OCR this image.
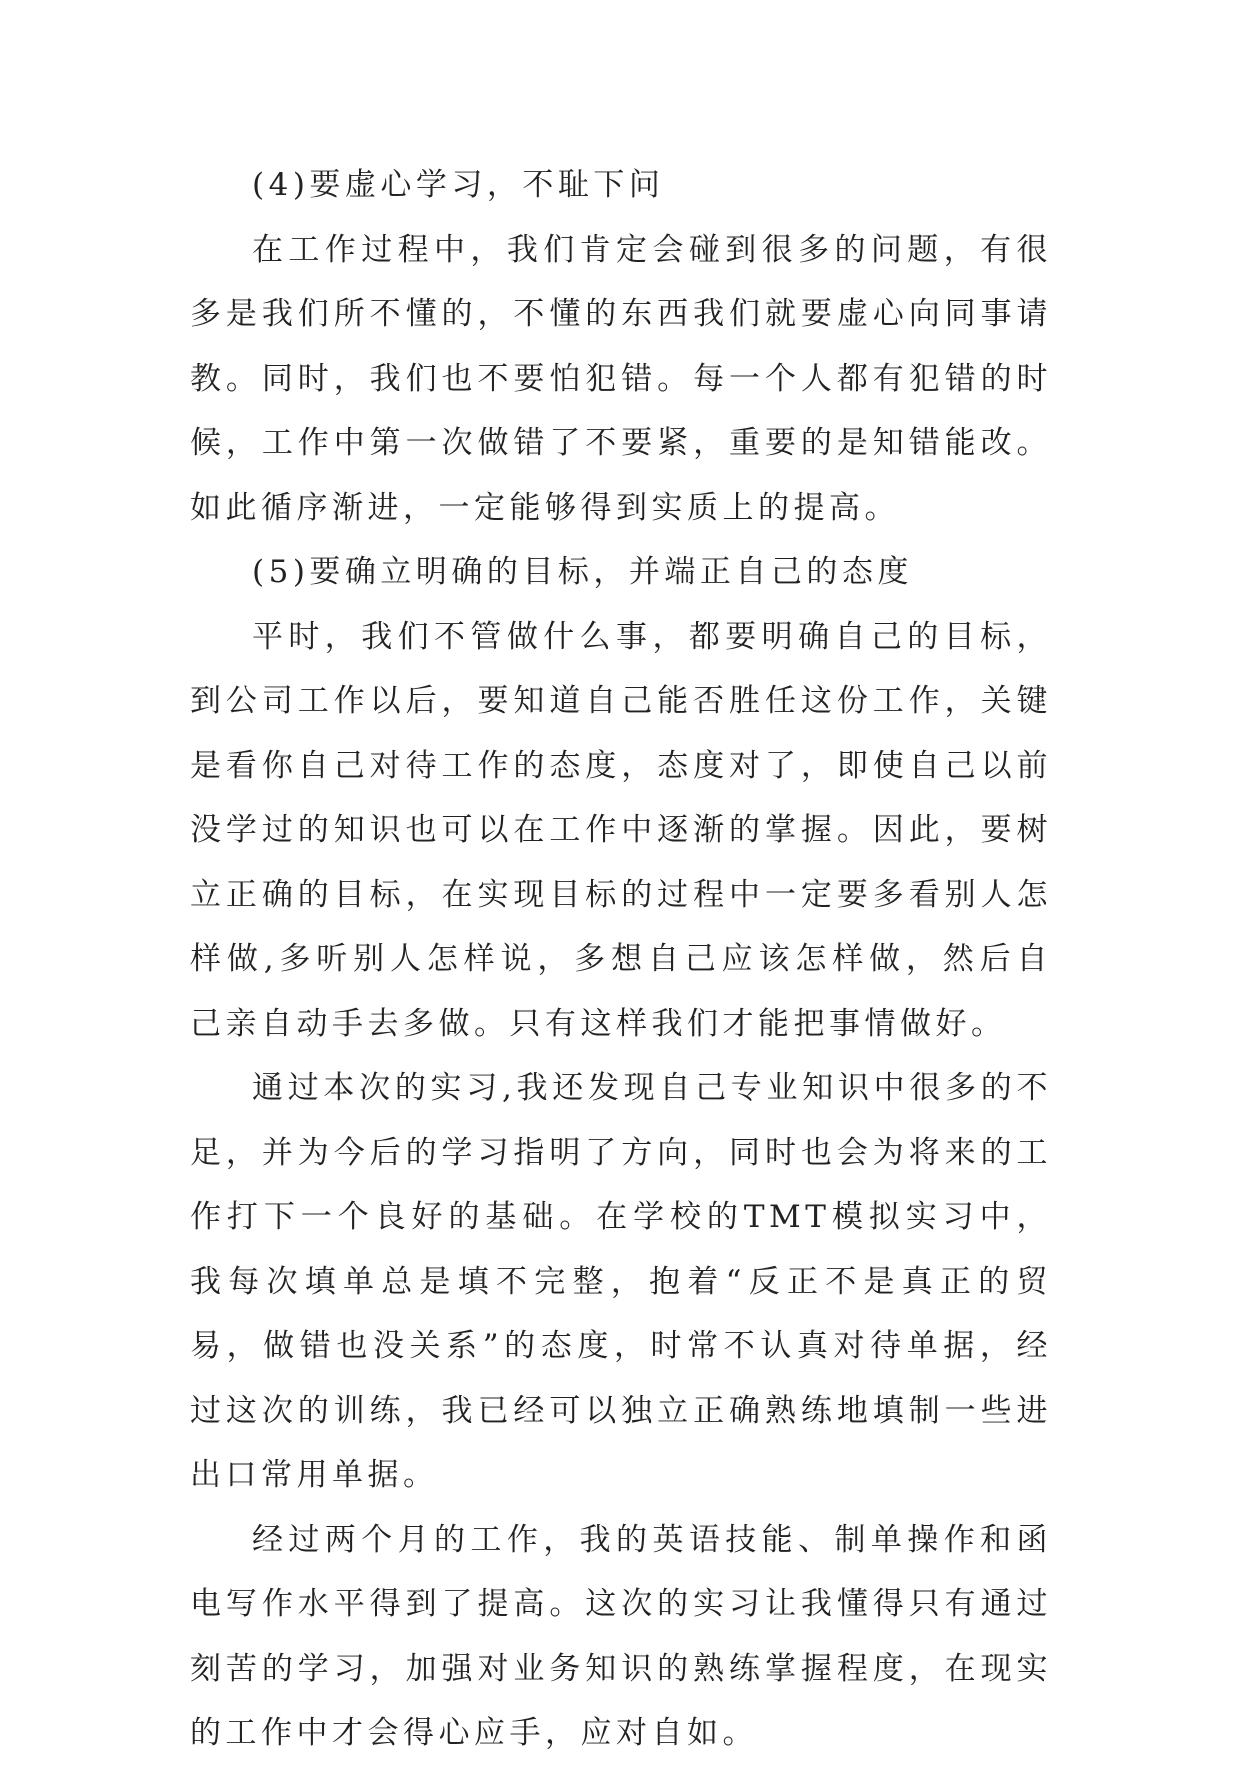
(4)要虚心学习，不耻下问

在工作过程中，我们肯定会碰到很多的问题，有很多是我们所不懂的，不懂的东西我们就要虚心向同事请教。同时，我们也不要怕犯错。每一个人都有犯错的时候，工作中第一次做错了不要紧，重要的是知错能改。如此循序渐进，一定能够得到实质上的提高。

(5)要确立明确的目标，并端正自己的态度

平时，我们不管做什么事，都要明确自己的目标，到公司工作以后，要知道自己能否胜任这份工作，关键是看你自己对待工作的态度，态度对了，即使自己以前没学过的知识也可以在工作中逐渐的掌握。因此，要树立正确的目标，在实现目标的过程中一定要多看别人怎样做,多听别人怎样说，多想自己应该怎样做，然后自己亲自动手去多做。只有这样我们才能把事情做好。

通过本次的实习,我还发现自己专业知识中很多的不足，并为今后的学习指明了方向，同时也会为将来的工作打下一个良好的基础。在学校的TMT模拟实习中，我每次填单总是填不完整，抱着“反正不是真正的贸易，做错也没关系”的态度，时常不认真对待单据，经过这次的训练，我已经可以独立正确熟练地填制一些进出口常用单据。

经过两个月的工作，我的英语技能、制单操作和函电写作水平得到了提高。这次的实习让我懂得只有通过刻苦的学习，加强对业务知识的熟练掌握程度，在现实的工作中才会得心应手，应对自如。
